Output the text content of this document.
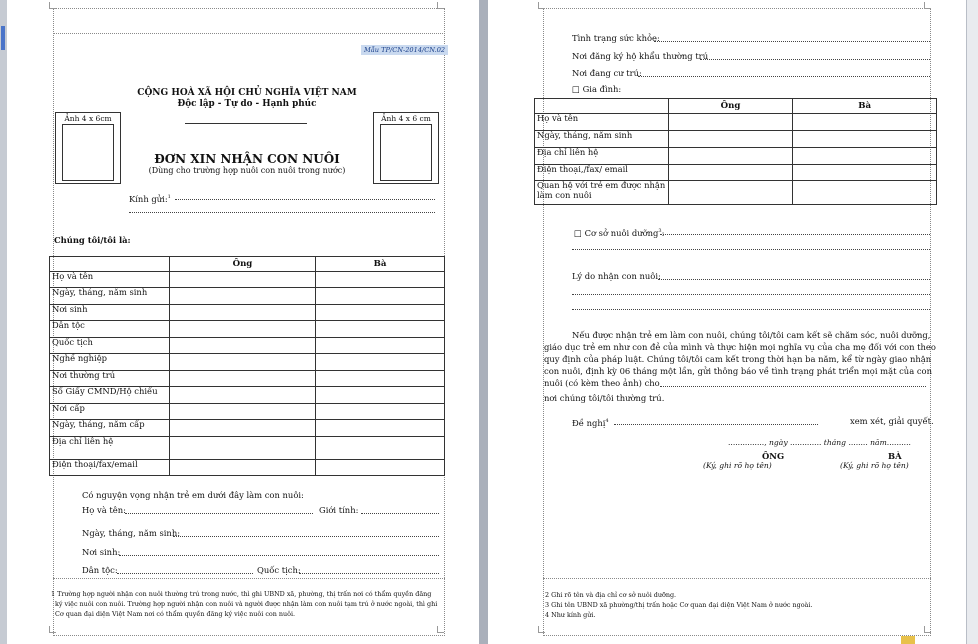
Mẫu TP/CN-2014/CN.02
CỘNG HOÀ XÃ HỘI CHỦ NGHĨA VIỆT NAM
Độc lập - Tự do - Hạnh phúc
Ảnh 4 x 6cm	Ảnh 4 x 6 cm
ĐƠN XIN NHẬN CON NUÔI
(Dùng cho trường hợp nuôi con nuôi trong nước)
Kính gửi:$^1$
Chúng tôi/tôi là:
	Ông	Bà
Họ và tên		
Ngày, tháng, năm sinh		
Nơi sinh		
Dân tộc		
Quốc tịch		
Nghề nghiệp		
Nơi thường trú		
Số Giấy CMND/Hộ chiếu		
Nơi cấp		
Ngày, tháng, năm cấp		
Địa chỉ liên hệ		
Điện thoại/fax/email		
Có nguyện vọng nhận trẻ em dưới đây làm con nuôi:
Họ và tên:	Giới tính:
Ngày, tháng, năm sinh:
Nơi sinh:
Dân tộc:	Quốc tịch:
1 Trường hợp người nhận con nuôi thường trú trong nước, thì ghi UBND xã, phường, thị trấn nơi có thẩm quyền đăng
ký việc nuôi con nuôi. Trường hợp người nhận con nuôi và người được nhận làm con nuôi tạm trú ở nước ngoài, thì ghi
Cơ quan đại diện Việt Nam nơi có thẩm quyền đăng ký việc nuôi con nuôi.
Tình trạng sức khỏe:
Nơi đăng ký hộ khẩu thường trú
Nơi đang cư trú:
□ Gia đình:
	Ông	Bà
Họ và tên		
Ngày, tháng, năm sinh		
Địa chỉ liên hệ		
Điện thoại,/fax/ email		
Quan hệ với trẻ em được nhận làm con nuôi		
□ Cơ sở nuôi dưỡng$^3$:
Lý do nhận con nuôi:
Nếu được nhận trẻ em làm con nuôi, chúng tôi/tôi cam kết sẽ chăm sóc, nuôi dưỡng,
giáo dục trẻ em như con đẻ của mình và thực hiện mọi nghĩa vụ của cha mẹ đối với con theo
quy định của pháp luật. Chúng tôi/tôi cam kết trong thời hạn ba năm, kể từ ngày giao nhận
con nuôi, định kỳ 06 tháng một lần, gửi thông báo về tình trạng phát triển mọi mặt của con
nuôi (có kèm theo ảnh) cho
nơi chúng tôi/tôi thường trú.
Đề nghị$^4$	xem xét, giải quyết.
..............., ngày ............. tháng ........ năm..........
ÔNG	BÀ
(Ký, ghi rõ họ tên)	(Ký, ghi rõ họ tên)
2 Ghi rõ tên và địa chỉ cơ sở nuôi dưỡng.
3 Ghi tên UBND xã phường/thị trấn hoặc Cơ quan đại diện Việt Nam ở nước ngoài.
4 Như kính gửi.
